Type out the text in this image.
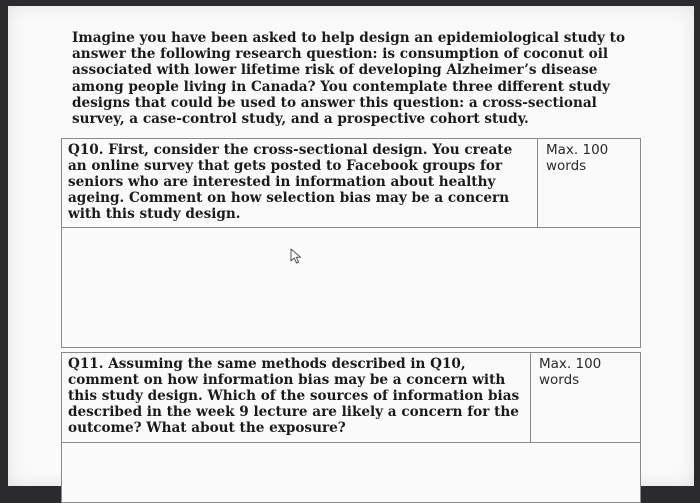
Imagine you have been asked to help design an epidemiological study to answer the following research question: is consumption of coconut oil associated with lower lifetime risk of developing Alzheimer’s disease among people living in Canada? You contemplate three different study designs that could be used to answer this question: a cross-sectional survey, a case-control study, and a prospective cohort study.

Q10. First, consider the cross-sectional design. You create an online survey that gets posted to Facebook groups for seniors who are interested in information about healthy ageing. Comment on how selection bias may be a concern with this study design.	Max. 100 words

Q11. Assuming the same methods described in Q10, comment on how information bias may be a concern with this study design. Which of the sources of information bias described in the week 9 lecture are likely a concern for the outcome? What about the exposure?	Max. 100 words
